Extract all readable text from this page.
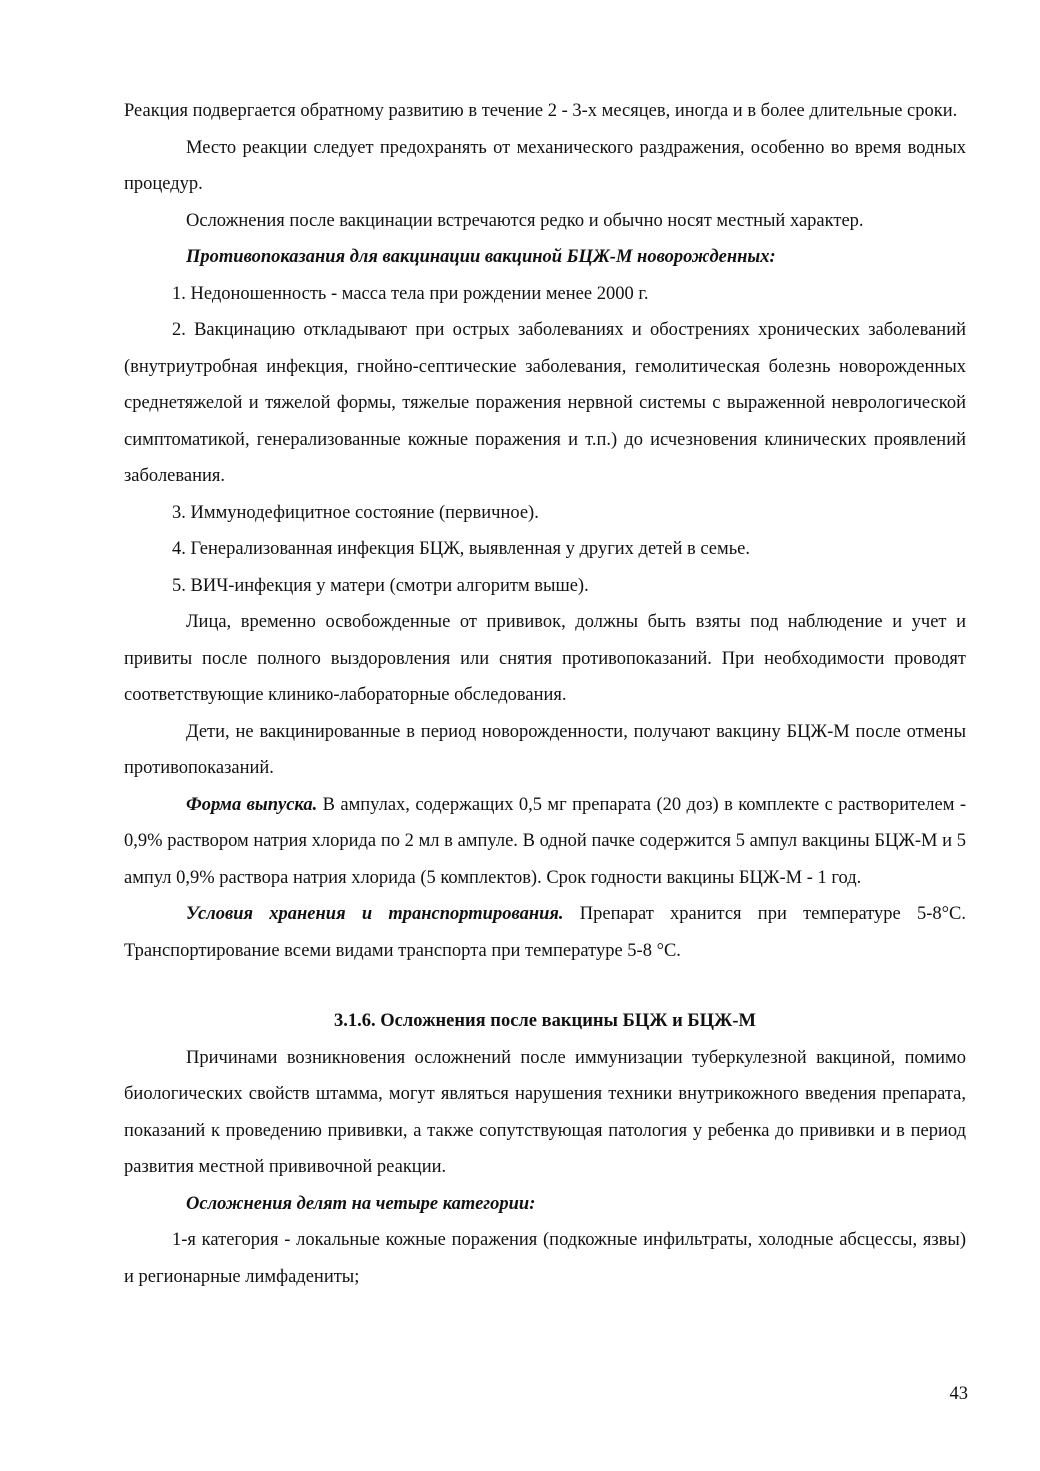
Реакция подвергается обратному развитию в течение 2 - 3-х месяцев, иногда и в более длительные сроки.

Место реакции следует предохранять от механического раздражения, особенно во время водных процедур.

Осложнения после вакцинации встречаются редко и обычно носят местный характер.

Противопоказания для вакцинации вакциной БЦЖ-М новорожденных:

1. Недоношенность - масса тела при рождении менее 2000 г.

2. Вакцинацию откладывают при острых заболеваниях и обострениях хронических заболеваний (внутриутробная инфекция, гнойно-септические заболевания, гемолитическая болезнь новорожденных среднетяжелой и тяжелой формы, тяжелые поражения нервной системы с выраженной неврологической симптоматикой, генерализованные кожные поражения и т.п.) до исчезновения клинических проявлений заболевания.

3. Иммунодефицитное состояние (первичное).

4. Генерализованная инфекция БЦЖ, выявленная у других детей в семье.

5. ВИЧ-инфекция у матери (смотри алгоритм выше).

Лица, временно освобожденные от прививок, должны быть взяты под наблюдение и учет и привиты после полного выздоровления или снятия противопоказаний. При необходимости проводят соответствующие клинико-лабораторные обследования.

Дети, не вакцинированные в период новорожденности, получают вакцину БЦЖ-М после отмены противопоказаний.

Форма выпуска. В ампулах, содержащих 0,5 мг препарата (20 доз) в комплекте с растворителем - 0,9% раствором натрия хлорида по 2 мл в ампуле. В одной пачке содержится 5 ампул вакцины БЦЖ-М и 5 ампул 0,9% раствора натрия хлорида (5 комплектов). Срок годности вакцины БЦЖ-М - 1 год.

Условия хранения и транспортирования. Препарат хранится при температуре 5-8°С. Транспортирование всеми видами транспорта при температуре 5-8 °С.

3.1.6. Осложнения после вакцины БЦЖ и БЦЖ-М

Причинами возникновения осложнений после иммунизации туберкулезной вакциной, помимо биологических свойств штамма, могут являться нарушения техники внутрикожного введения препарата, показаний к проведению прививки, а также сопутствующая патология у ребенка до прививки и в период развития местной прививочной реакции.

Осложнения делят на четыре категории:

1-я категория - локальные кожные поражения (подкожные инфильтраты, холодные абсцессы, язвы) и регионарные лимфадениты;

43
